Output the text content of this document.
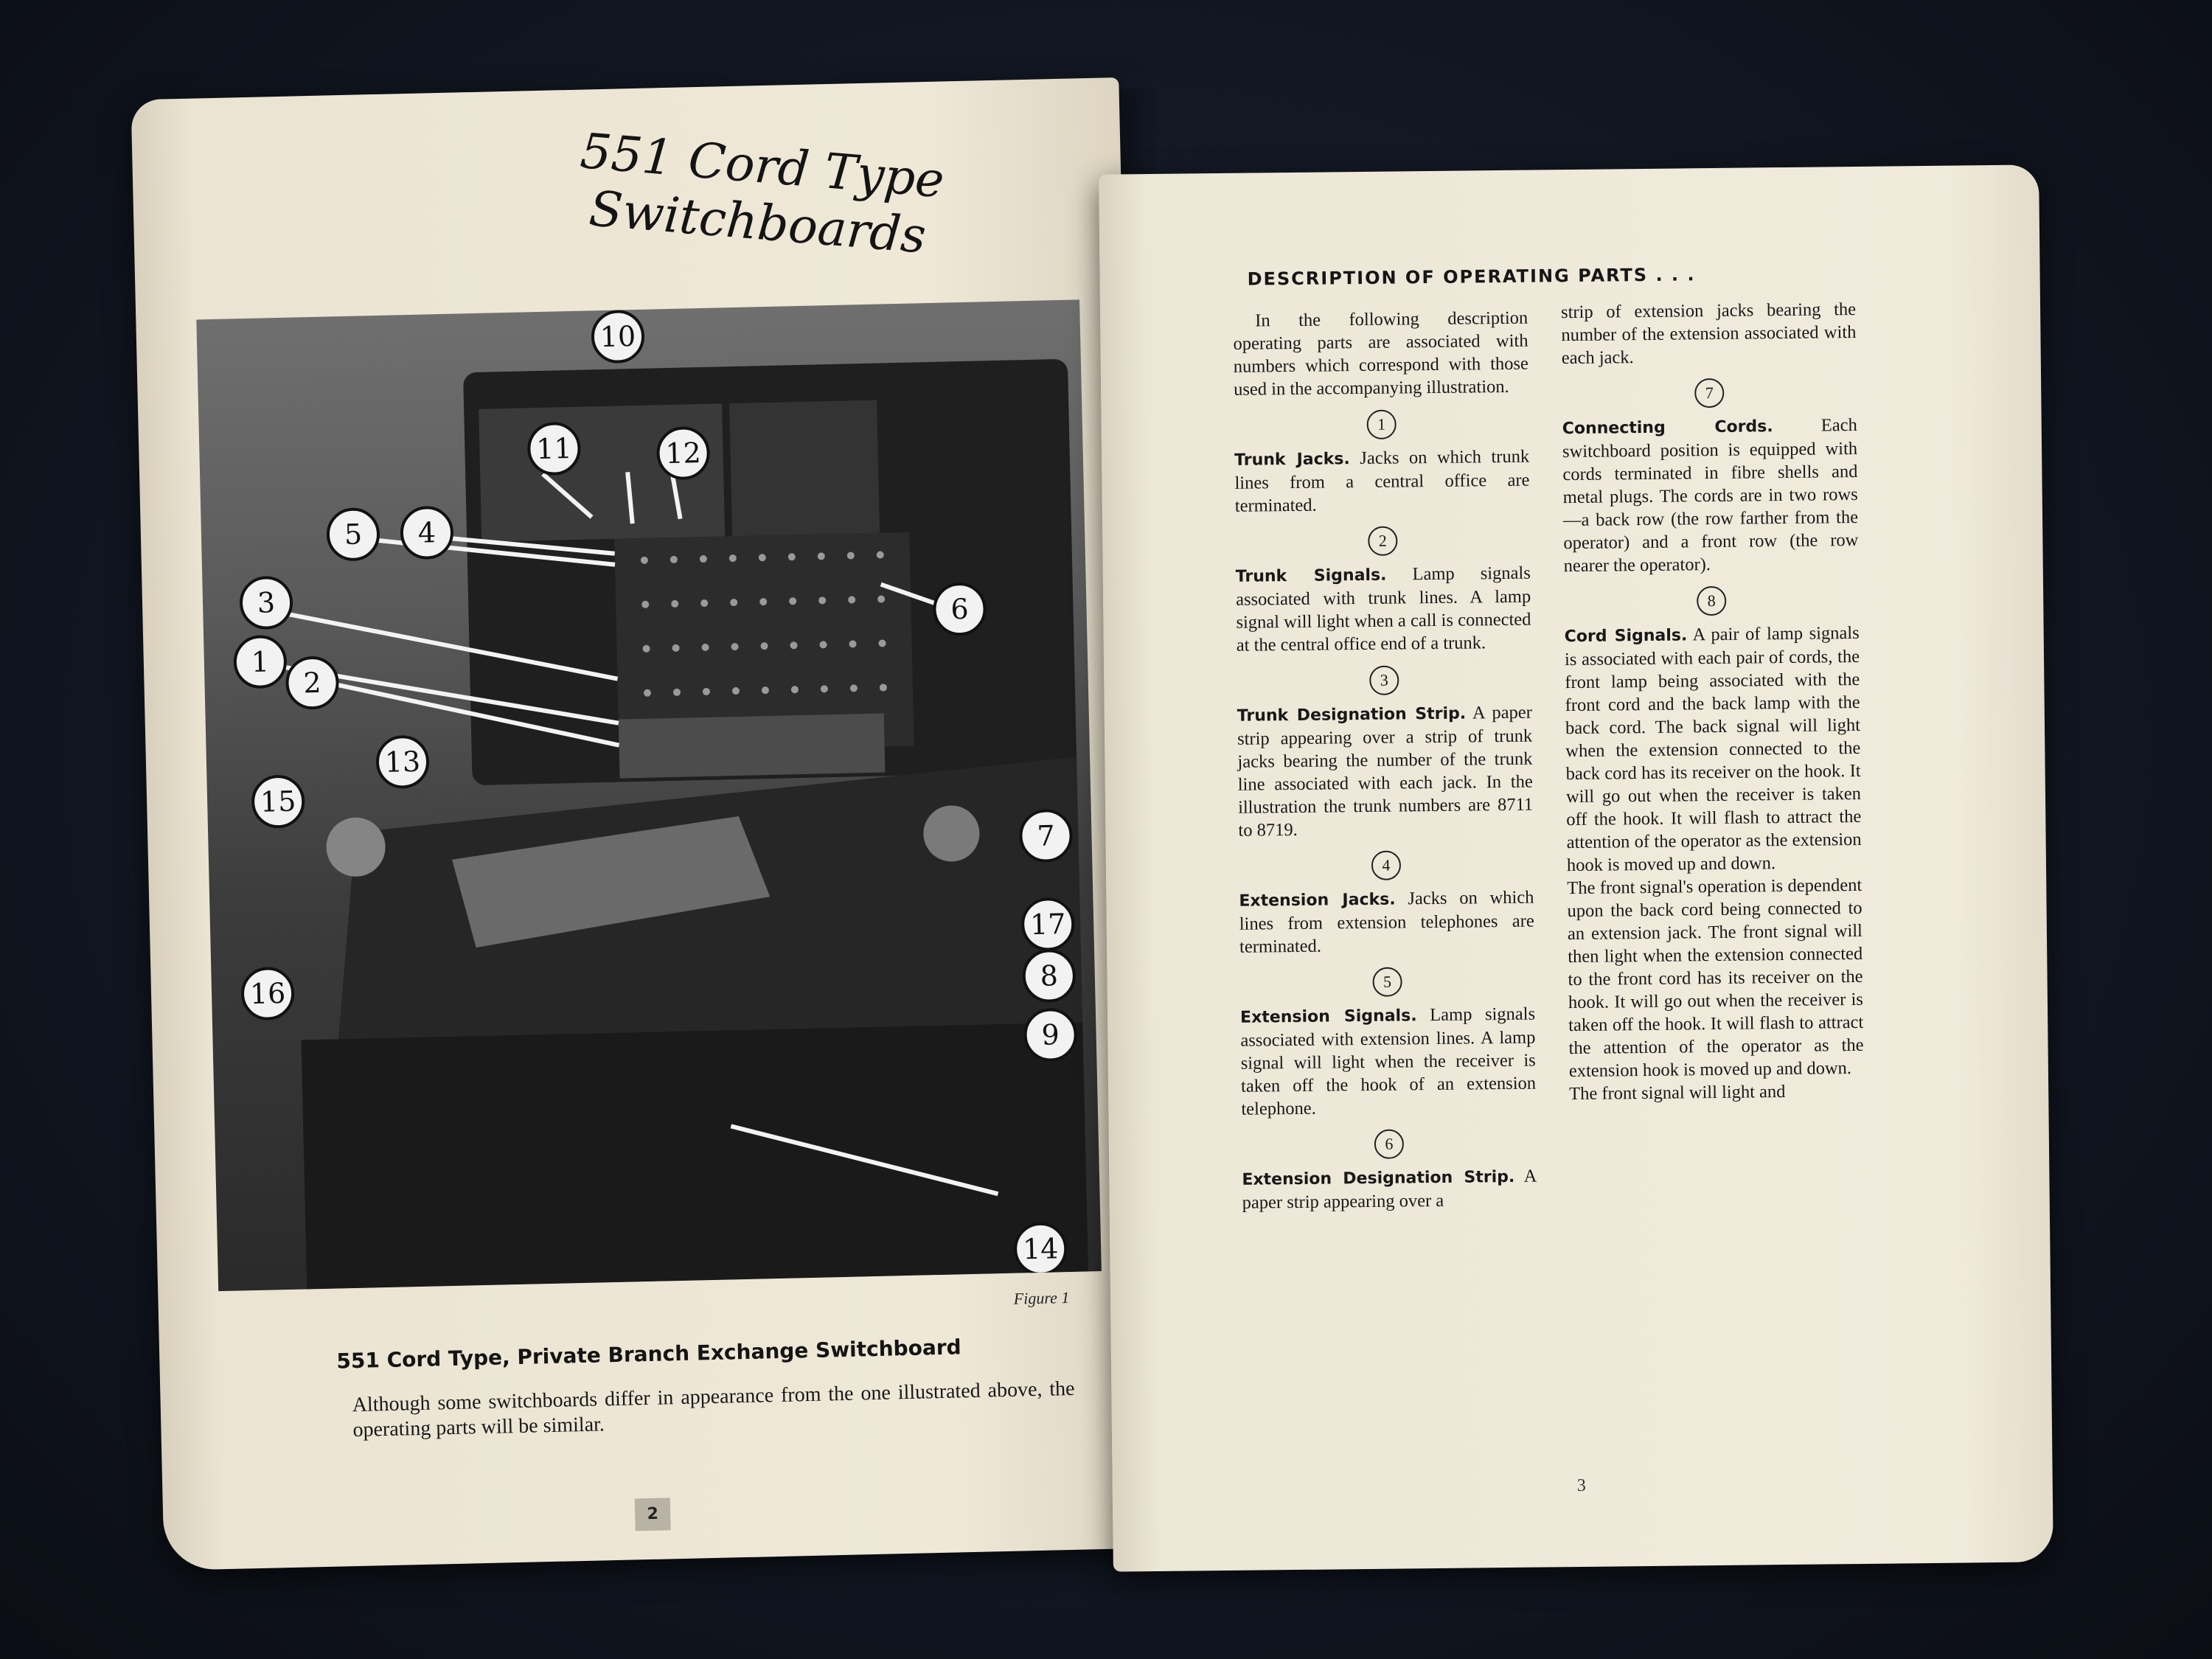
551 Cord Type Switchboards
1
2
3
4
5
6
7
8
9
10
11	12
13
14
15
16
17
Figure 1
551 Cord Type, Private Branch Exchange Switchboard
Although some switchboards differ in appearance from the one illustrated above, the operating parts will be similar.
2
DESCRIPTION OF OPERATING PARTS . . .

In the following description operating parts are associated with numbers which correspond with those used in the accompanying illustration.

1

Trunk Jacks. Jacks on which trunk lines from a central office are terminated.

2

Trunk Signals. Lamp signals associated with trunk lines. A lamp signal will light when a call is connected at the central office end of a trunk.

3

Trunk Designation Strip. A paper strip appearing over a strip of trunk jacks bearing the number of the trunk line associated with each jack. In the illustration the trunk numbers are 8711 to 8719.

4

Extension Jacks. Jacks on which lines from extension telephones are terminated.

5

Extension Signals. Lamp signals associated with extension lines. A lamp signal will light when the receiver is taken off the hook of an extension telephone.

6

Extension Designation Strip. A paper strip appearing over a

strip of extension jacks bearing the number of the extension associated with each jack.

7

Connecting Cords.	Each switchboard position is equipped with cords terminated in fibre shells and metal plugs. The cords are in two rows—a back row (the row farther from the operator) and a front row (the row nearer the operator).

8

Cord Signals. A pair of lamp signals is associated with each pair of cords, the front lamp being associated with the front cord and the back lamp with the back cord. The back signal will light when the extension connected to the back cord has its receiver on the hook. It will go out when the receiver is taken off the hook. It will flash to attract the attention of the operator as the extension hook is moved up and down.

The front signal's operation is dependent upon the back cord being connected to an extension jack. The front signal will then light when the extension connected to the front cord has its receiver on the hook. It will go out when the receiver is taken off the hook. It will flash to attract the attention of the operator as the extension hook is moved up and down.

The front signal will light and

3
